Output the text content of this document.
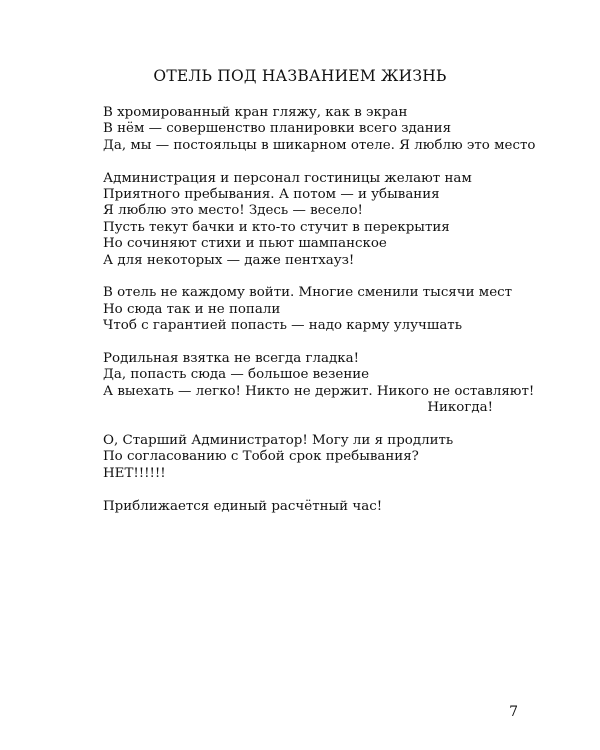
ОТЕЛЬ ПОД НАЗВАНИЕМ ЖИЗНЬ
В хромированный кран гляжу, как в экран
В нём — совершенство планировки всего здания
Да, мы — постояльцы в шикарном отеле. Я люблю это место
Администрация и персонал гостиницы желают нам
Приятного пребывания. А потом — и убывания
Я люблю это место! Здесь — весело!
Пусть текут бачки и кто-то стучит в перекрытия
Но сочиняют стихи и пьют шампанское
А для некоторых — даже пентхауз!
В отель не каждому войти. Многие сменили тысячи мест
Но сюда так и не попали
Чтоб с гарантией попасть — надо карму улучшать
Родильная взятка не всегда гладка!
Да, попасть сюда — большое везение
А выехать — легко! Никто не держит. Никого не оставляют!
Никогда!
О, Старший Администратор! Могу ли я продлить
По согласованию с Тобой срок пребывания?
НЕТ!!!!!!
Приближается единый расчётный час!
7
